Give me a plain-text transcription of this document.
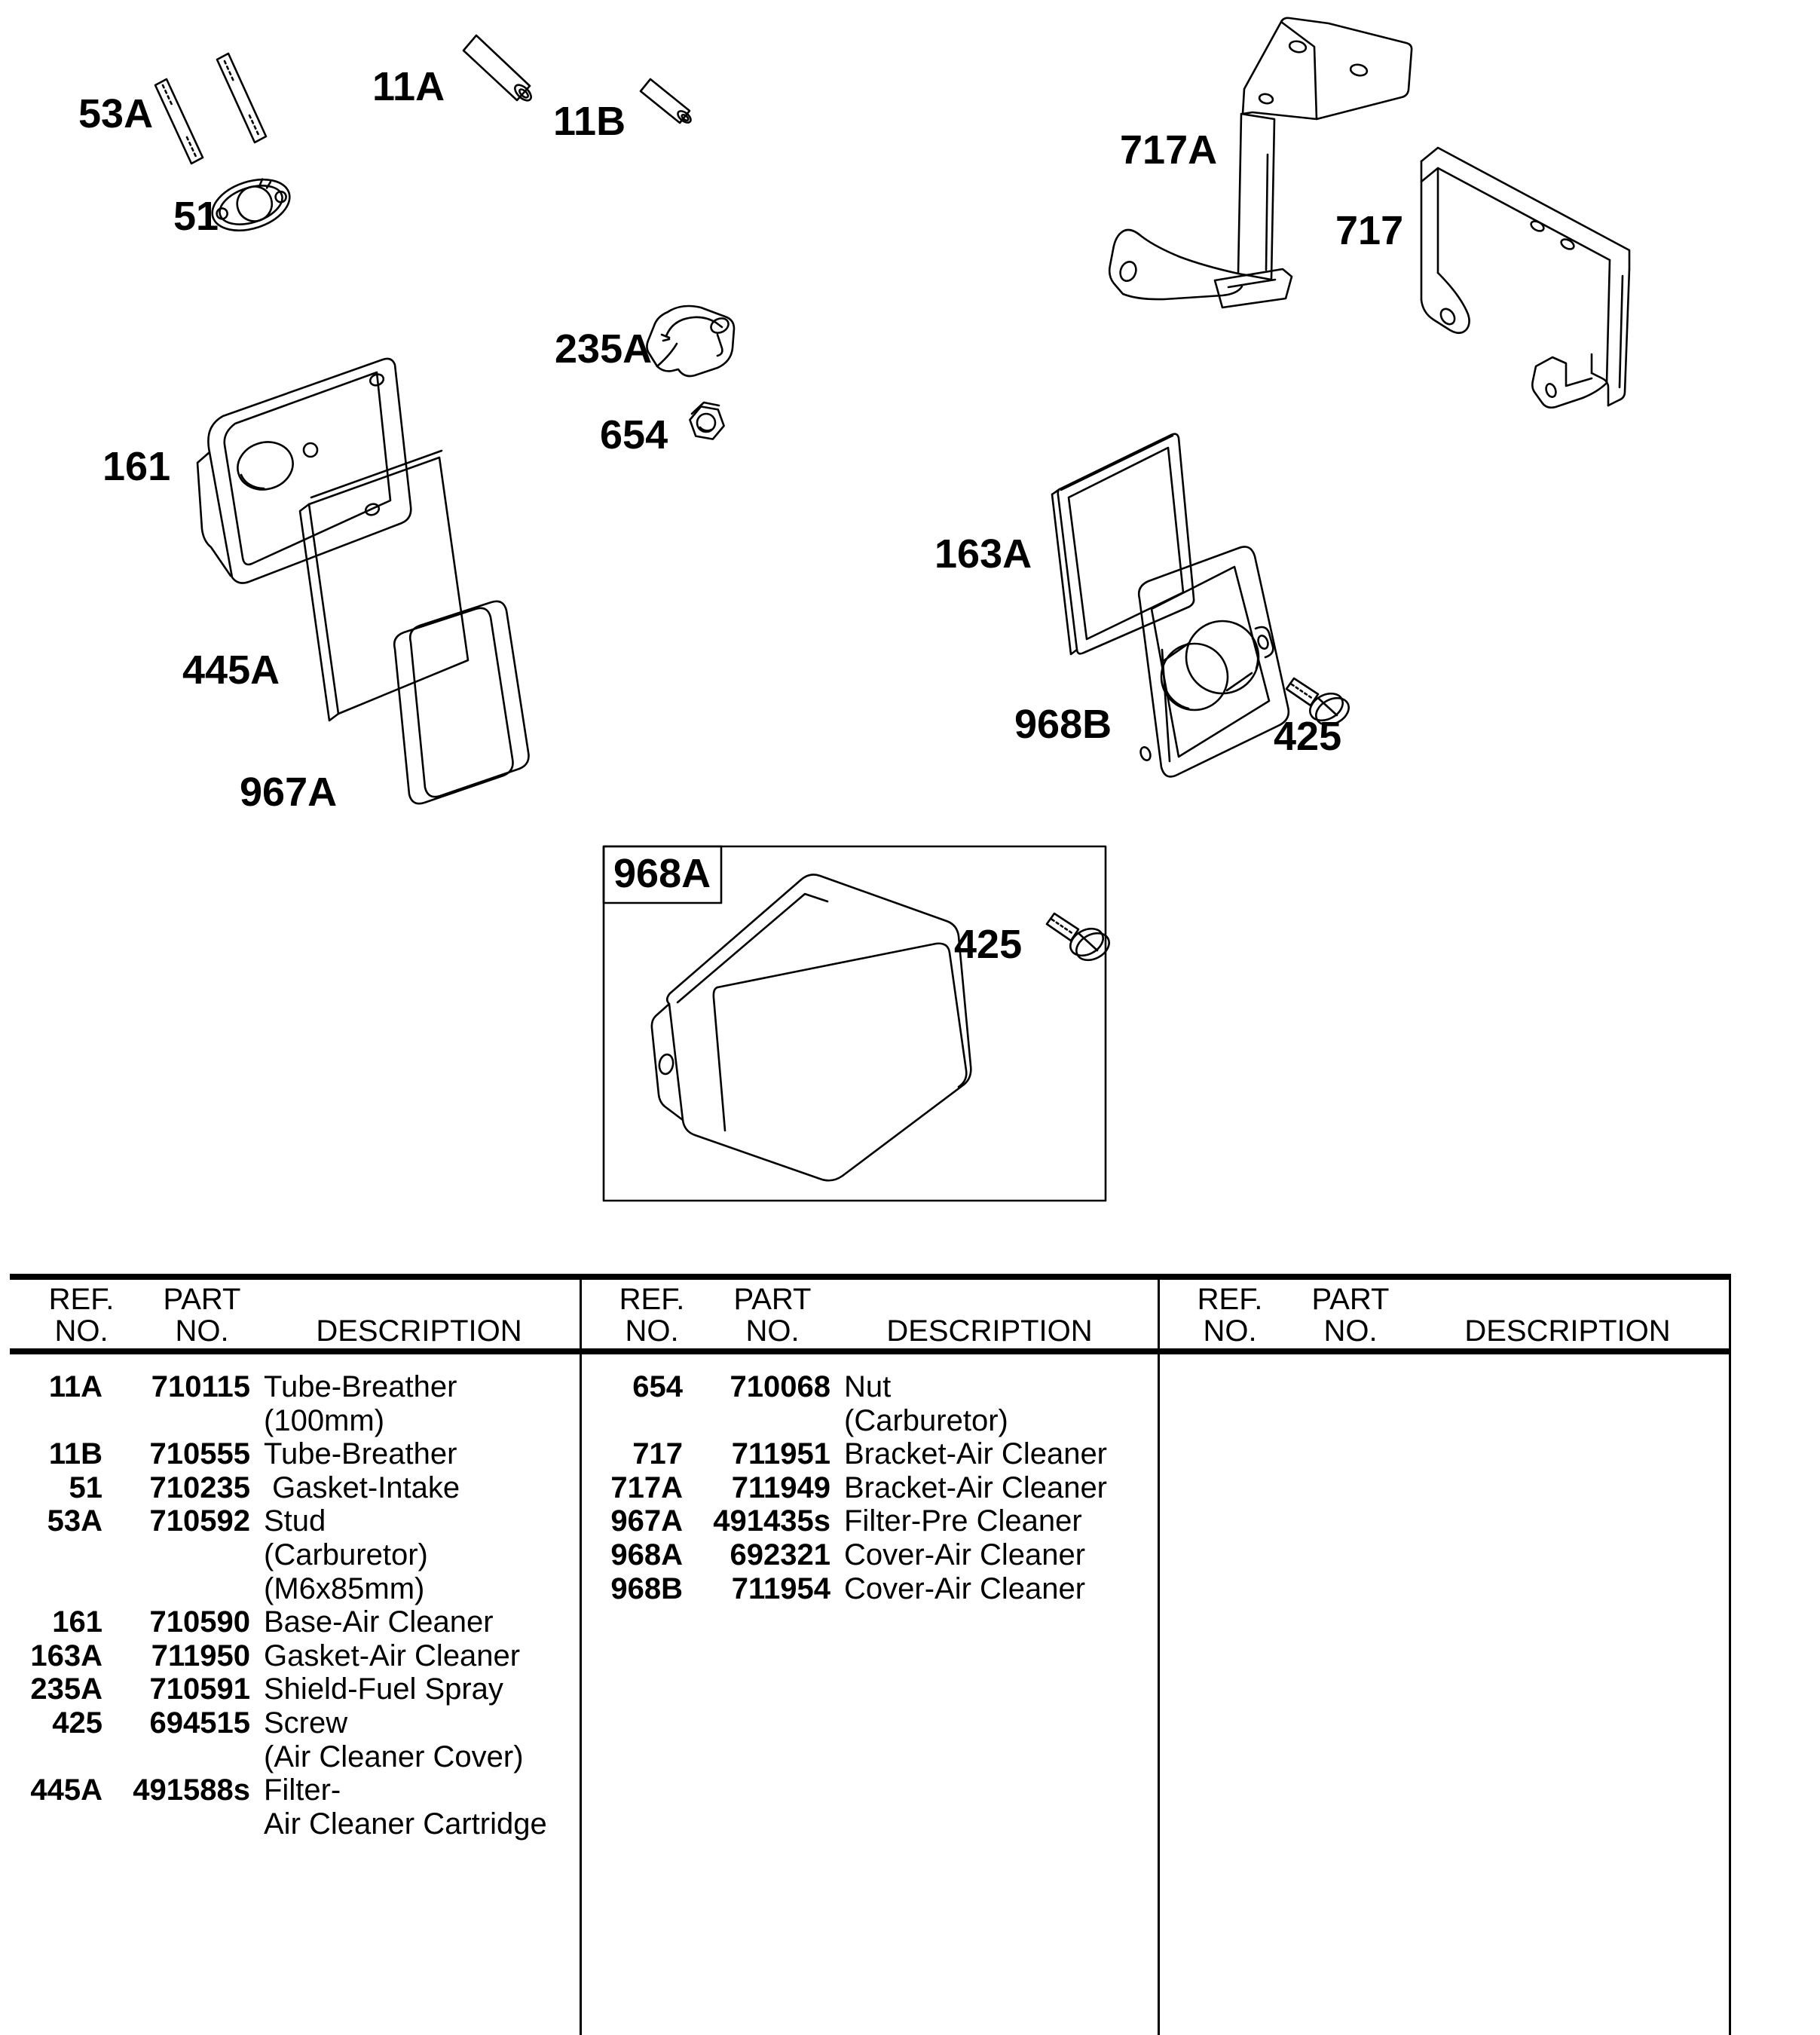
53A
11A
11B
51
235A
654
717A
717
161
445A
967A
163A
968B	425
968A
425
REF.
NO.
PART
NO.	DESCRIPTION
REF.
NO.
PART
NO.	DESCRIPTION
REF.
NO.
PART
NO.	DESCRIPTION
11A	710115 Tube-Breather
(100mm)
11B	710555 Tube-Breather
51	710235 Gasket-Intake
53A	710592 Stud
(Carburetor)
(M6x85mm)
161	710590 Base-Air Cleaner
163A	711950 Gasket-Air Cleaner
235A	710591 Shield-Fuel Spray
425	694515 Screw
(Air Cleaner Cover)
445A	491588s Filter-
Air Cleaner Cartridge
654	710068 Nut
(Carburetor)
717	711951 Bracket-Air Cleaner
717A	711949 Bracket-Air Cleaner
967A	491435s Filter-Pre Cleaner
968A	692321 Cover-Air Cleaner
968B	711954 Cover-Air Cleaner
